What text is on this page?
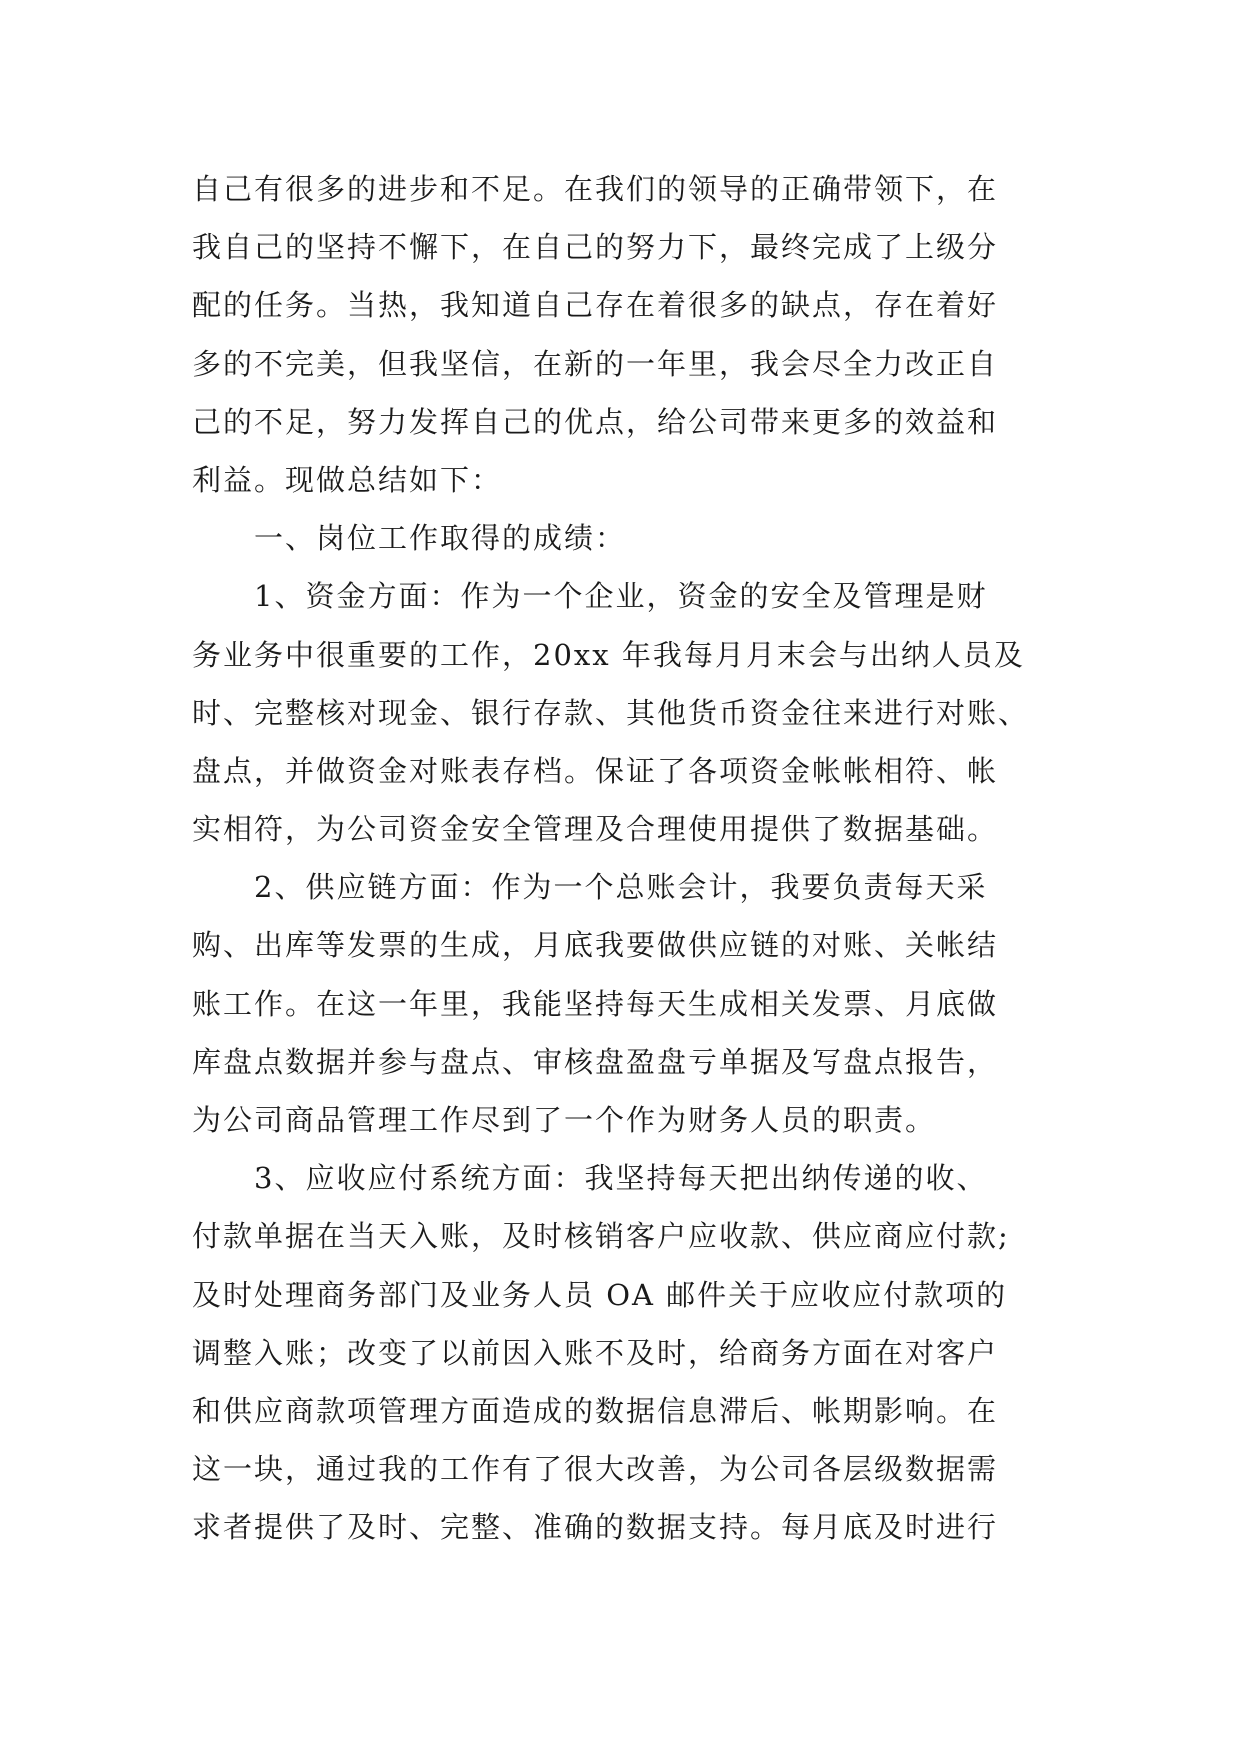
自己有很多的进步和不足。在我们的领导的正确带领下，在
我自己的坚持不懈下，在自己的努力下，最终完成了上级分
配的任务。当热，我知道自己存在着很多的缺点，存在着好
多的不完美，但我坚信，在新的一年里，我会尽全力改正自
己的不足，努力发挥自己的优点，给公司带来更多的效益和
利益。现做总结如下：
一、岗位工作取得的成绩：
1、资金方面：作为一个企业，资金的安全及管理是财
务业务中很重要的工作，20xx 年我每月月末会与出纳人员及
时、完整核对现金、银行存款、其他货币资金往来进行对账、
盘点，并做资金对账表存档。保证了各项资金帐帐相符、帐
实相符，为公司资金安全管理及合理使用提供了数据基础。
2、供应链方面：作为一个总账会计，我要负责每天采
购、出库等发票的生成，月底我要做供应链的对账、关帐结
账工作。在这一年里，我能坚持每天生成相关发票、月底做
库盘点数据并参与盘点、审核盘盈盘亏单据及写盘点报告，
为公司商品管理工作尽到了一个作为财务人员的职责。
3、应收应付系统方面：我坚持每天把出纳传递的收、
付款单据在当天入账，及时核销客户应收款、供应商应付款;
及时处理商务部门及业务人员 OA 邮件关于应收应付款项的
调整入账；改变了以前因入账不及时，给商务方面在对客户
和供应商款项管理方面造成的数据信息滞后、帐期影响。在
这一块，通过我的工作有了很大改善，为公司各层级数据需
求者提供了及时、完整、准确的数据支持。每月底及时进行
